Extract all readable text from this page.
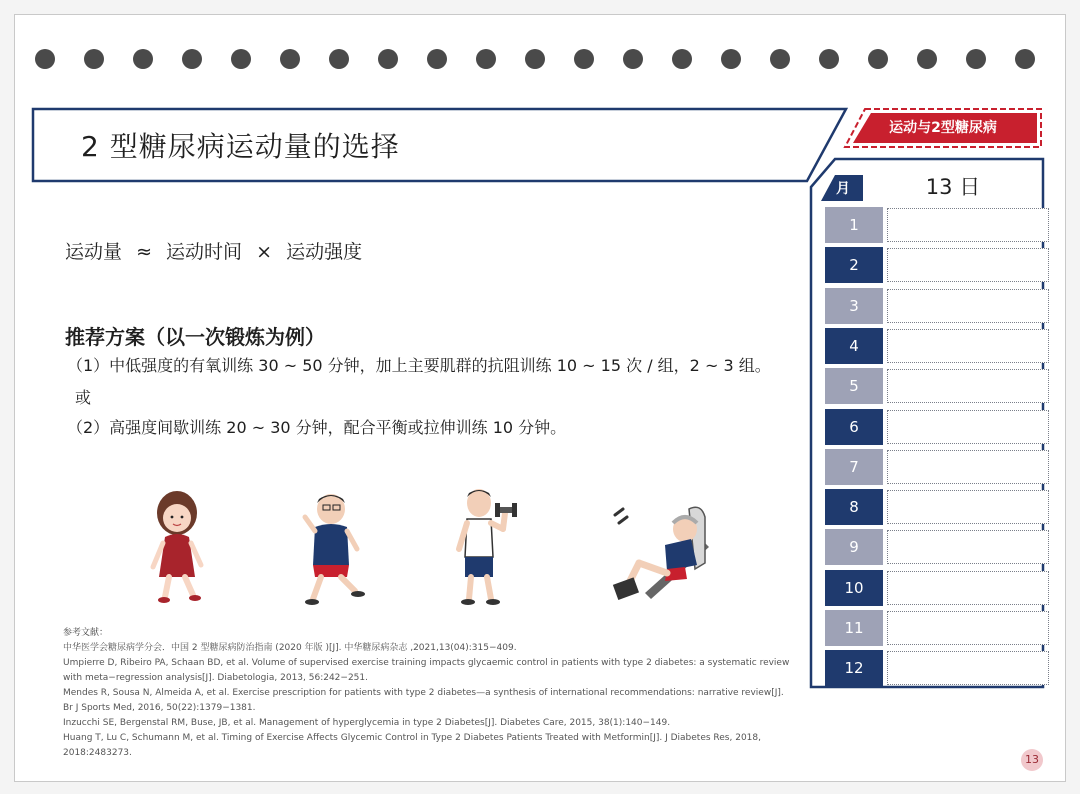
2 型糖尿病运动量的选择
运动与2型糖尿病
运动量 ≈ 运动时间 × 运动强度
推荐方案（以一次锻炼为例）
（1）中低强度的有氧训练 30 ~ 50 分钟，加上主要肌群的抗阻训练 10 ~ 15 次 / 组，2 ~ 3 组。
或
（2）高强度间歇训练 20 ~ 30 分钟，配合平衡或拉伸训练 10 分钟。
参考文献：
中华医学会糖尿病学分会．中国 2 型糖尿病防治指南 (2020 年版 )[J]. 中华糖尿病杂志 ,2021,13(04):315−409.
Umpierre D, Ribeiro PA, Schaan BD, et al. Volume of supervised exercise training impacts glycaemic control in patients with type 2 diabetes: a systematic review
with meta−regression analysis[J]. Diabetologia, 2013, 56:242−251.
Mendes R, Sousa N, Almeida A, et al. Exercise prescription for patients with type 2 diabetes—a synthesis of international recommendations: narrative review[J].
Br J Sports Med, 2016, 50(22):1379−1381.
Inzucchi SE, Bergenstal RM, Buse, JB, et al. Management of hyperglycemia in type 2 Diabetes[J]. Diabetes Care, 2015, 38(1):140−149.
Huang T, Lu C, Schumann M, et al. Timing of Exercise Affects Glycemic Control in Type 2 Diabetes Patients Treated with Metformin[J]. J Diabetes Res, 2018,
2018:2483273.
月	13 日
1
2
3
4
5
6
7
8
9
10
11
12
13
